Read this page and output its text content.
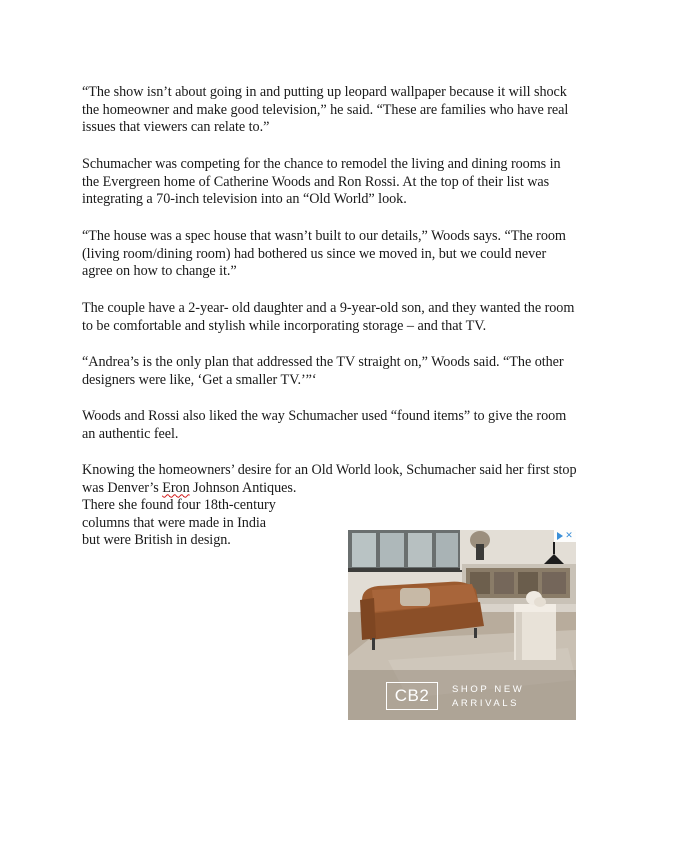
“The show isn’t about going in and putting up leopard wallpaper because it will shock
the homeowner and make good television,” he said. “These are families who have real
issues that viewers can relate to.”

Schumacher was competing for the chance to remodel the living and dining rooms in
the Evergreen home of Catherine Woods and Ron Rossi. At the top of their list was
integrating a 70-inch television into an “Old World” look.

“The house was a spec house that wasn’t built to our details,” Woods says. “The room
(living room/dining room) had bothered us since we moved in, but we could never
agree on how to change it.”

The couple have a 2-year- old daughter and a 9-year-old son, and they wanted the room
to be comfortable and stylish while incorporating storage – and that TV.

“Andrea’s is the only plan that addressed the TV straight on,” Woods said. “The other
designers were like, ‘Get a smaller TV.’”‘

Woods and Rossi also liked the way Schumacher used “found items” to give the room
an authentic feel.

Knowing the homeowners’ desire for an Old World look, Schumacher said her first stop
was Denver’s Eron Johnson Antiques.
There she found four 18th-century
columns that were made in India
but were British in design.	✕
CB2	SHOP NEW
ARRIVALS
